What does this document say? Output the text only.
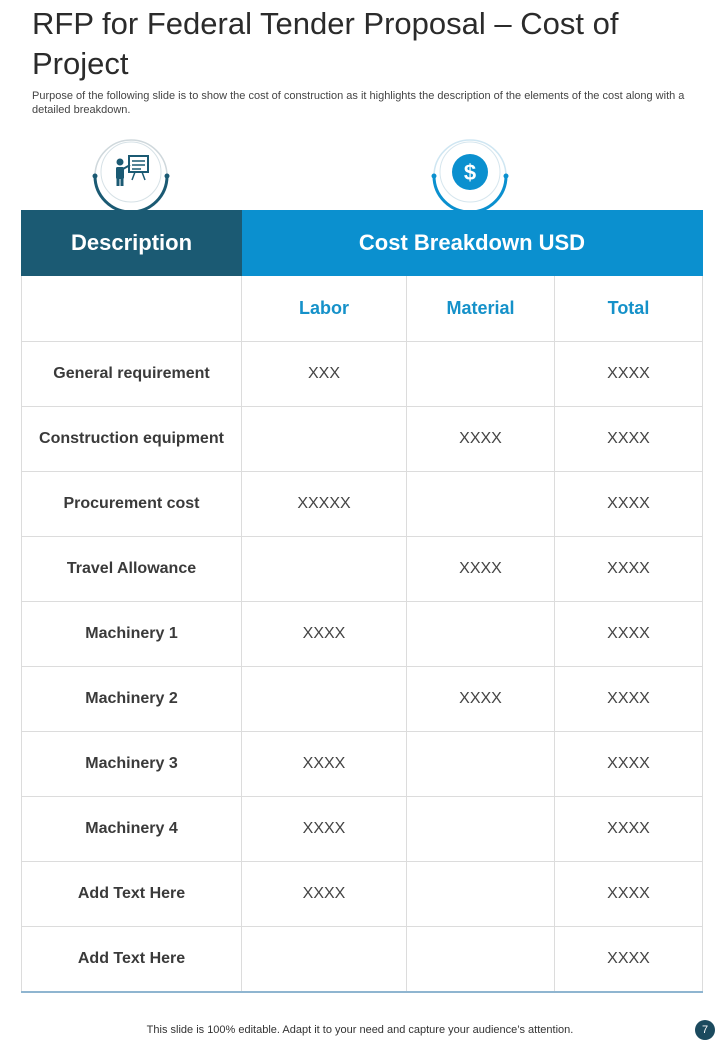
RFP for Federal Tender Proposal – Cost of Project

Purpose of the following slide is to show the cost of construction as it highlights the description of the elements of the cost along with a detailed breakdown.

$
Description	Cost Breakdown USD		
	Labor	Material	Total
General requirement	XXX		XXXX
Construction equipment		XXXX	XXXX
Procurement cost	XXXXX		XXXX
Travel Allowance		XXXX	XXXX
Machinery 1	XXXX		XXXX
Machinery 2		XXXX	XXXX
Machinery 3	XXXX		XXXX
Machinery 4	XXXX		XXXX
Add Text Here	XXXX		XXXX
Add Text Here			XXXX
This slide is 100% editable. Adapt it to your need and capture your audience’s attention.	7
